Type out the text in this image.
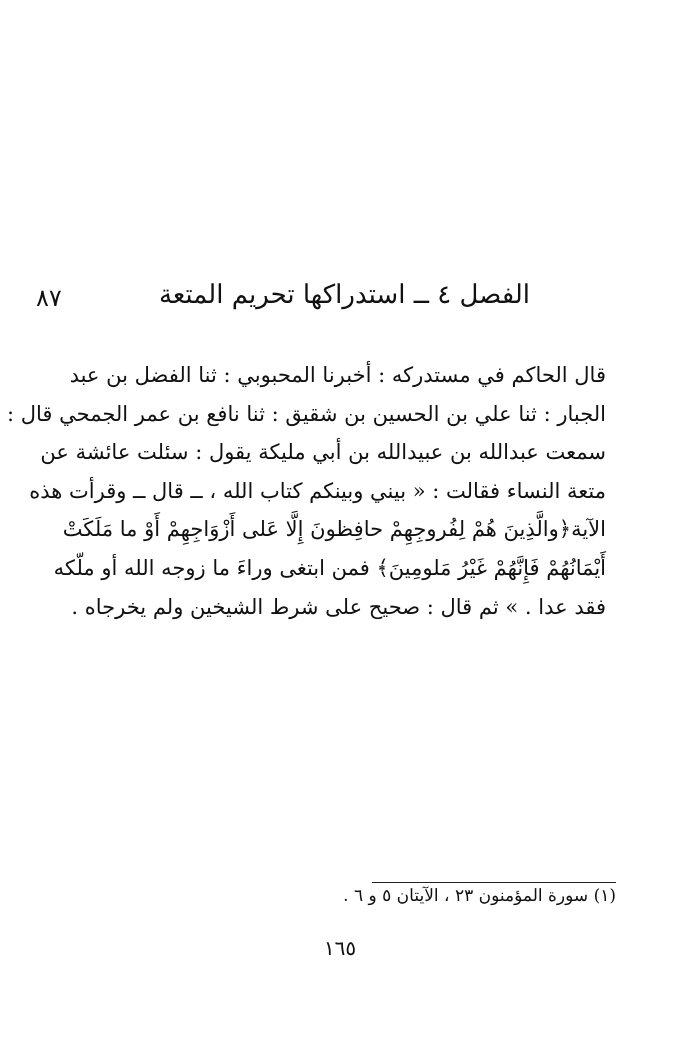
٨٧	الفصل ٤ ــ استدراكها تحريم المتعة
قال الحاكم في مستدركه : أخبرنا المحبوبي : ثنا الفضل بن عبد
الجبار : ثنا علي بن الحسين بن شقيق : ثنا نافع بن عمر الجمحي قال :
سمعت عبدالله بن عبيدالله بن أبي مليكة يقول : سئلت عائشة عن
متعة النساء فقالت : « بيني وبينكم كتاب الله ، ــ قال ــ وقرأت هذه
الآية﴿والَّذِينَ هُمْ لِفُروجِهِمْ حافِظونَ إِلَّا عَلى أَزْوَاجِهِمْ أَوْ ما مَلَكَتْ
أَيْمَانُهُمْ فَإِنَّهُمْ غَيْرُ مَلومِينَ﴾ فمن ابتغى وراءَ ما زوجه الله أو ملّكه
فقد عدا . » ثم قال : صحيح على شرط الشيخين ولم يخرجاه .
(١) سورة المؤمنون ٢٣ ، الآيتان ٥ و ٦ .
١٦٥
